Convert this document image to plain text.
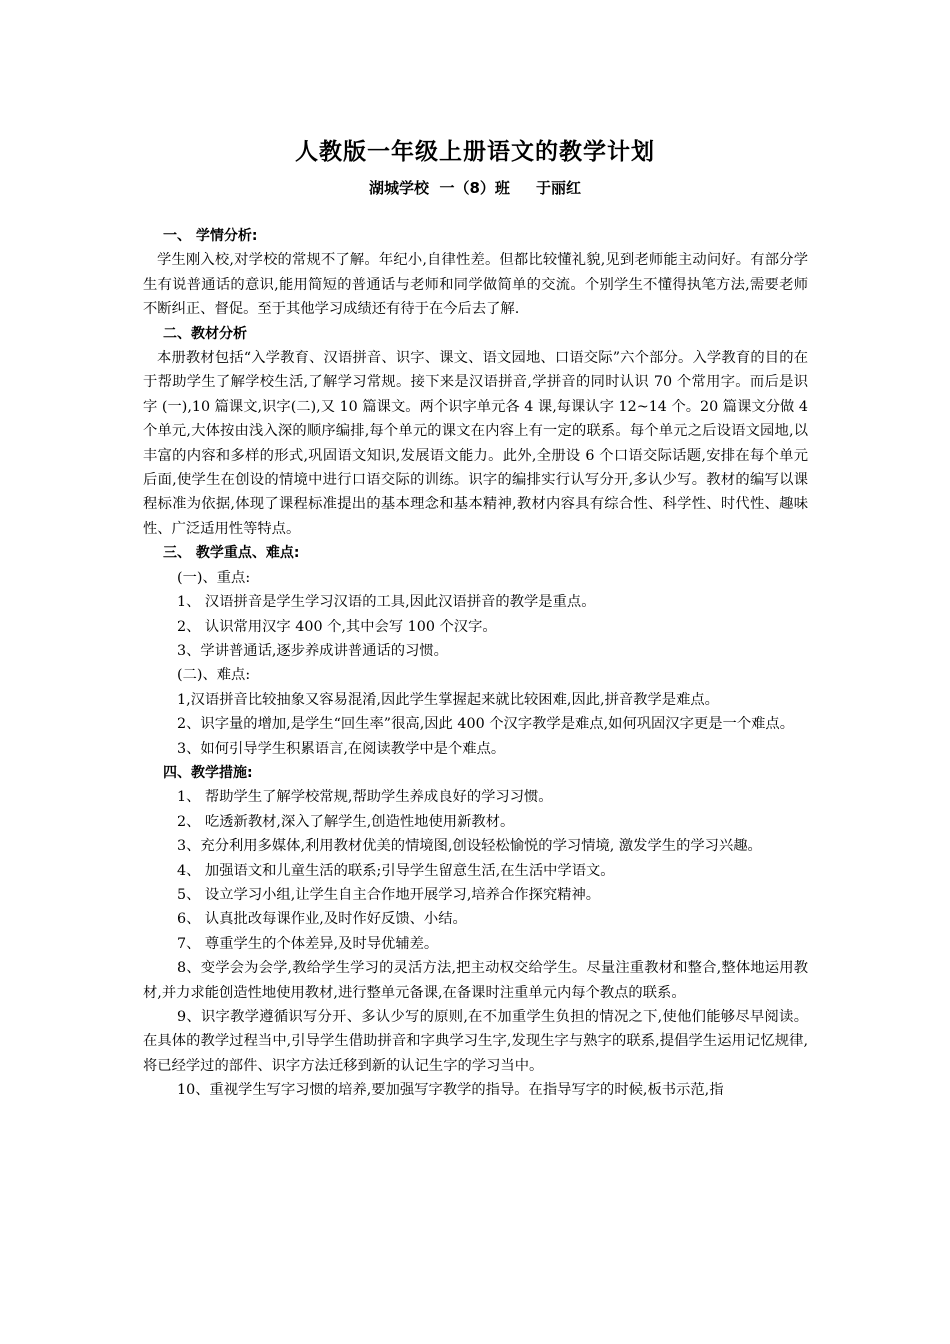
人教版一年级上册语文的教学计划
湖城学校  一（8）班     于丽红

一、 学情分析:

学生刚入校,对学校的常规不了解。年纪小,自律性差。但都比较懂礼貌,见到老师能主动问好。有部分学生有说普通话的意识,能用简短的普通话与老师和同学做简单的交流。个别学生不懂得执笔方法,需要老师不断纠正、督促。至于其他学习成绩还有待于在今后去了解.

二、教材分析

本册教材包括“入学教育、汉语拼音、识字、课文、语文园地、口语交际”六个部分。入学教育的目的在于帮助学生了解学校生活,了解学习常规。接下来是汉语拼音,学拼音的同时认识 70 个常用字。而后是识字 (一),10 篇课文,识字(二),又 10 篇课文。两个识字单元各 4 课,每课认字 12~14 个。20 篇课文分做 4 个单元,大体按由浅入深的顺序编排,每个单元的课文在内容上有一定的联系。每个单元之后设语文园地,以丰富的内容和多样的形式,巩固语文知识,发展语文能力。此外,全册设 6 个口语交际话题,安排在每个单元后面,使学生在创设的情境中进行口语交际的训练。识字的编排实行认写分开,多认少写。教材的编写以课程标准为依据,体现了课程标准提出的基本理念和基本精神,教材内容具有综合性、科学性、时代性、趣味性、广泛适用性等特点。

三、 教学重点、难点:

(一)、重点:

1、 汉语拼音是学生学习汉语的工具,因此汉语拼音的教学是重点。

2、 认识常用汉字 400 个,其中会写 100 个汉字。

3、学讲普通话,逐步养成讲普通话的习惯。

(二)、难点:

1,汉语拼音比较抽象又容易混淆,因此学生掌握起来就比较困难,因此,拼音教学是难点。

2、识字量的增加,是学生“回生率”很高,因此 400 个汉字教学是难点,如何巩固汉字更是一个难点。

3、如何引导学生积累语言,在阅读教学中是个难点。

四、教学措施:

1、 帮助学生了解学校常规,帮助学生养成良好的学习习惯。

2、 吃透新教材,深入了解学生,创造性地使用新教材。

3、充分利用多媒体,利用教材优美的情境图,创设轻松愉悦的学习情境, 激发学生的学习兴趣。

4、 加强语文和儿童生活的联系;引导学生留意生活,在生活中学语文。

5、 设立学习小组,让学生自主合作地开展学习,培养合作探究精神。

6、 认真批改每课作业,及时作好反馈、小结。

7、 尊重学生的个体差异,及时导优辅差。

8、变学会为会学,教给学生学习的灵活方法,把主动权交给学生。尽量注重教材和整合,整体地运用教材,并力求能创造性地使用教材,进行整单元备课,在备课时注重单元内每个教点的联系。

9、识字教学遵循识写分开、多认少写的原则,在不加重学生负担的情况之下,使他们能够尽早阅读。在具体的教学过程当中,引导学生借助拼音和字典学习生字,发现生字与熟字的联系,提倡学生运用记忆规律,将已经学过的部件、识字方法迁移到新的认记生字的学习当中。

10、重视学生写字习惯的培养,要加强写字教学的指导。在指导写字的时候,板书示范,指
